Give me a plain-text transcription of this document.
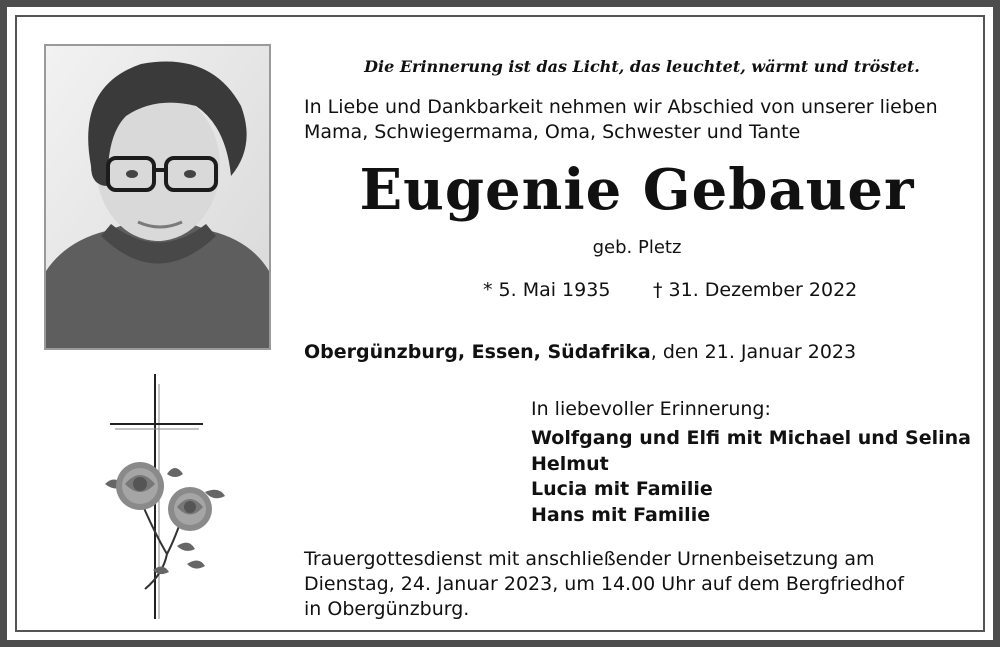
Die Erinnerung ist das Licht, das leuchtet, wärmt und tröstet.
In Liebe und Dankbarkeit nehmen wir Abschied von unserer lieben
Mama, Schwiegermama, Oma, Schwester und Tante
Eugenie Gebauer
geb. Pletz
* 5. Mai 1935 † 31. Dezember 2022
Obergünzburg, Essen, Südafrika, den 21. Januar 2023
In liebevoller Erinnerung:
Wolfgang und Elfi mit Michael und Selina
Helmut
Lucia mit Familie
Hans mit Familie
Trauergottesdienst mit anschließender Urnenbeisetzung am
Dienstag, 24. Januar 2023, um 14.00 Uhr auf dem Bergfriedhof
in Obergünzburg.
